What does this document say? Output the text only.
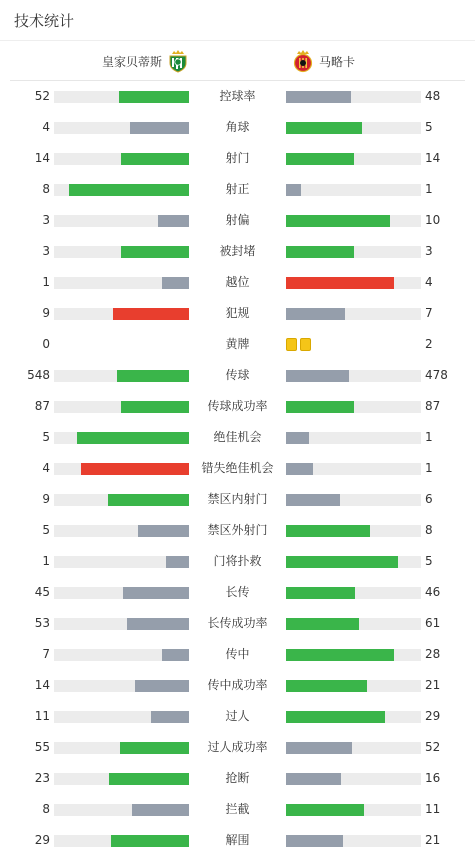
技术统计
皇家贝蒂斯	马略卡
52	控球率	48
4	角球	5
14	射门	14
8	射正	1
3	射偏	10
3	被封堵	3
1	越位	4
9	犯规	7
0	黄牌	2
548	传球	478
87	传球成功率	87
5	绝佳机会	1
4	错失绝佳机会	1
9	禁区内射门	6
5	禁区外射门	8
1	门将扑救	5
45	长传	46
53	长传成功率	61
7	传中	28
14	传中成功率	21
11	过人	29
55	过人成功率	52
23	抢断	16
8	拦截	11
29	解围	21
